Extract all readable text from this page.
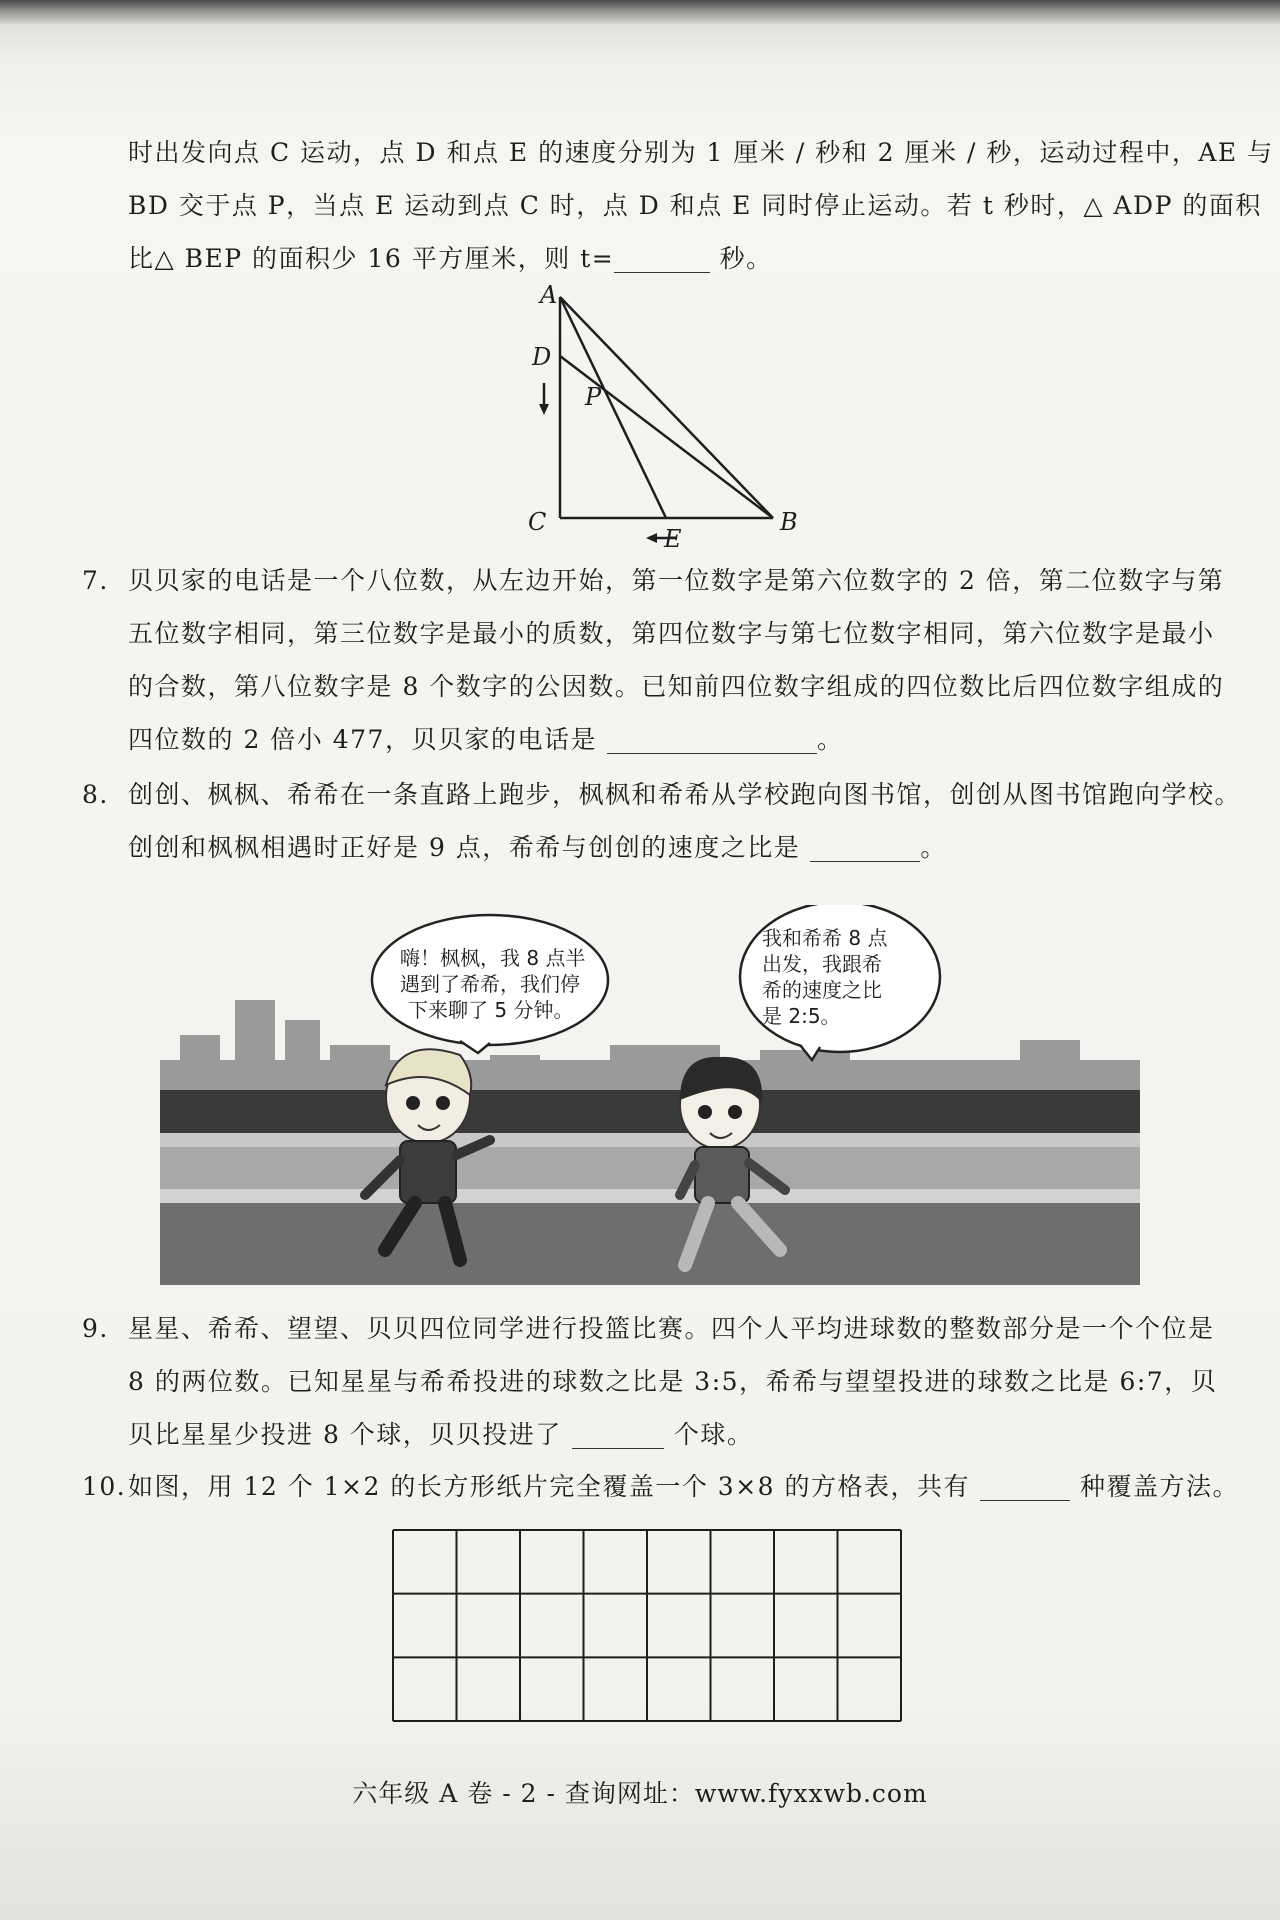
时出发向点 C 运动，点 D 和点 E 的速度分别为 1 厘米 / 秒和 2 厘米 / 秒，运动过程中，AE 与
BD 交于点 P，当点 E 运动到点 C 时，点 D 和点 E 同时停止运动。若 t 秒时，△ ADP 的面积
比△ BEP 的面积少 16 平方厘米，则 t=	秒。
A
D
P
C
E
B
7. 贝贝家的电话是一个八位数，从左边开始，第一位数字是第六位数字的 2 倍，第二位数字与第
五位数字相同，第三位数字是最小的质数，第四位数字与第七位数字相同，第六位数字是最小
的合数，第八位数字是 8 个数字的公因数。已知前四位数字组成的四位数比后四位数字组成的
四位数的 2 倍小 477，贝贝家的电话是	。
8. 创创、枫枫、希希在一条直路上跑步，枫枫和希希从学校跑向图书馆，创创从图书馆跑向学校。
创创和枫枫相遇时正好是 9 点，希希与创创的速度之比是	。
嗨！枫枫，我 8 点半
遇到了希希，我们停
下来聊了 5 分钟。
我和希希 8 点
出发，我跟希
希的速度之比
是 2:5。
9. 星星、希希、望望、贝贝四位同学进行投篮比赛。四个人平均进球数的整数部分是一个个位是
8 的两位数。已知星星与希希投进的球数之比是 3:5，希希与望望投进的球数之比是 6:7，贝
贝比星星少投进 8 个球，贝贝投进了	个球。
10.如图，用 12 个 1×2 的长方形纸片完全覆盖一个 3×8 的方格表，共有	种覆盖方法。
六年级 A 卷 - 2 - 查询网址：www.fyxxwb.com
